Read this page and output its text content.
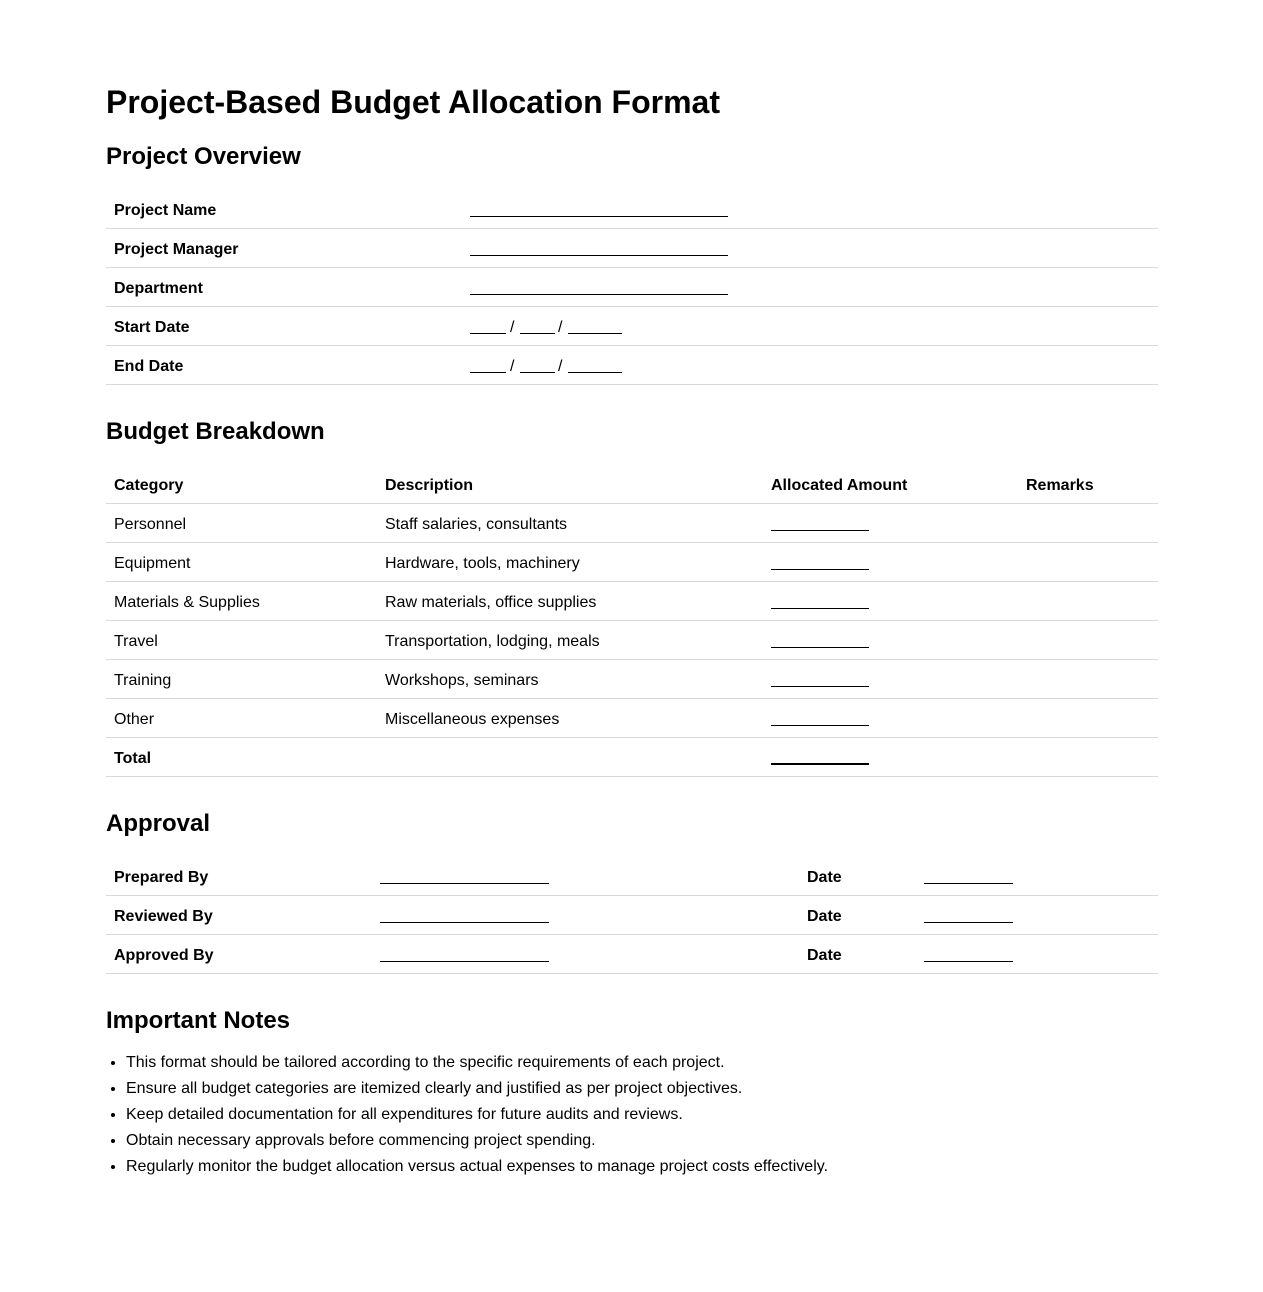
Project-Based Budget Allocation Format
Project Overview
Project Name
Project Manager
Department
Start Date	/	/
End Date	/	/
Budget Breakdown
Category	Description	Allocated Amount	Remarks
Personnel	Staff salaries, consultants
Equipment	Hardware, tools, machinery
Materials & Supplies	Raw materials, office supplies
Travel	Transportation, lodging, meals
Training	Workshops, seminars
Other	Miscellaneous expenses
Total
Approval
Prepared By	Date
Reviewed By	Date
Approved By	Date
Important Notes
• This format should be tailored according to the specific requirements of each project.
• Ensure all budget categories are itemized clearly and justified as per project objectives.
• Keep detailed documentation for all expenditures for future audits and reviews.
• Obtain necessary approvals before commencing project spending.
• Regularly monitor the budget allocation versus actual expenses to manage project costs effectively.
